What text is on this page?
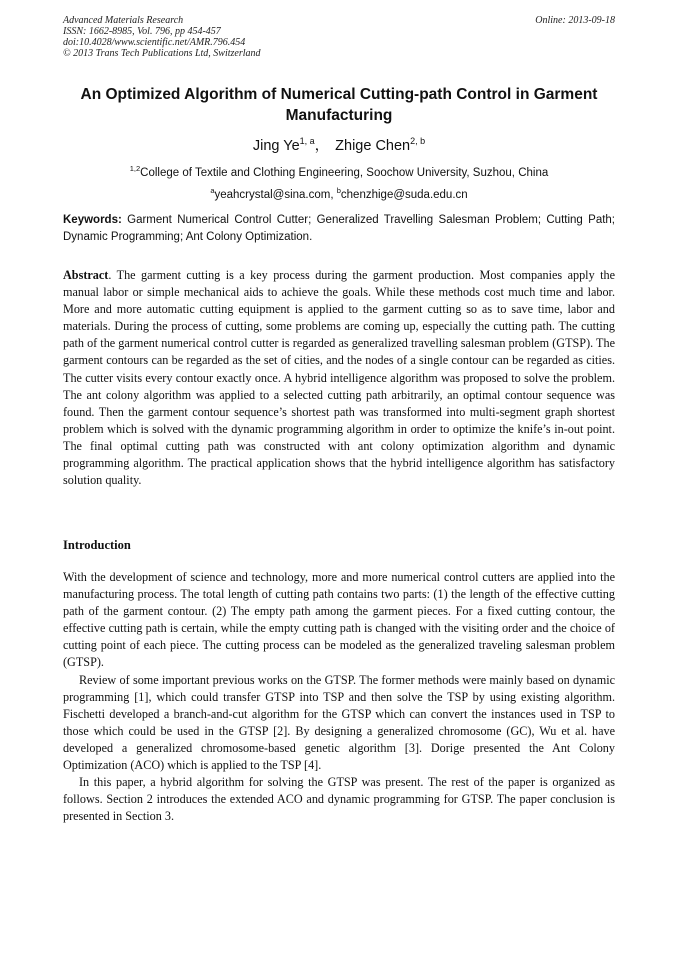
Advanced Materials Research
ISSN: 1662-8985, Vol. 796, pp 454-457
doi:10.4028/www.scientific.net/AMR.796.454
© 2013 Trans Tech Publications Ltd, Switzerland
Online: 2013-09-18
An Optimized Algorithm of Numerical Cutting-path Control in Garment Manufacturing
Jing Ye$^{1, a}$， Zhige Chen$^{2, b}$
$^{1,2}$College of Textile and Clothing Engineering, Soochow University, Suzhou, China
$^a$yeahcrystal@sina.com, $^b$chenzhige@suda.edu.cn
Keywords: Garment Numerical Control Cutter; Generalized Travelling Salesman Problem; Cutting Path; Dynamic Programming; Ant Colony Optimization.

Abstract. The garment cutting is a key process during the garment production. Most companies apply the manual labor or simple mechanical aids to achieve the goals. While these methods cost much time and labor. More and more automatic cutting equipment is applied to the garment cutting so as to save time, labor and materials. During the process of cutting, some problems are coming up, especially the cutting path. The cutting path of the garment numerical control cutter is regarded as generalized travelling salesman problem (GTSP). The garment contours can be regarded as the set of cities, and the nodes of a single contour can be regarded as cities. The cutter visits every contour exactly once. A hybrid intelligence algorithm was proposed to solve the problem. The ant colony algorithm was applied to a selected cutting path arbitrarily, an optimal contour sequence was found. Then the garment contour sequence’s shortest path was transformed into multi-segment graph shortest problem which is solved with the dynamic programming algorithm in order to optimize the knife’s in-out point. The final optimal cutting path was constructed with ant colony optimization algorithm and dynamic programming algorithm. The practical application shows that the hybrid intelligence algorithm has satisfactory solution quality.

Introduction

With the development of science and technology, more and more numerical control cutters are applied into the manufacturing process. The total length of cutting path contains two parts: (1) the length of the effective cutting path of the garment contour. (2) The empty path among the garment pieces. For a fixed cutting contour, the effective cutting path is certain, while the empty cutting path is changed with the visiting order and the choice of cutting point of each piece. The cutting process can be modeled as the generalized traveling salesman problem (GTSP).

Review of some important previous works on the GTSP. The former methods were mainly based on dynamic programming [1], which could transfer GTSP into TSP and then solve the TSP by using existing algorithm. Fischetti developed a branch-and-cut algorithm for the GTSP which can convert the instances used in TSP to those which could be used in the GTSP [2]. By designing a generalized chromosome (GC), Wu et al. have developed a generalized chromosome-based genetic algorithm [3]. Dorige presented the Ant Colony Optimization (ACO) which is applied to the TSP [4].

In this paper, a hybrid algorithm for solving the GTSP was present. The rest of the paper is organized as follows. Section 2 introduces the extended ACO and dynamic programming for GTSP. The paper conclusion is presented in Section 3.
